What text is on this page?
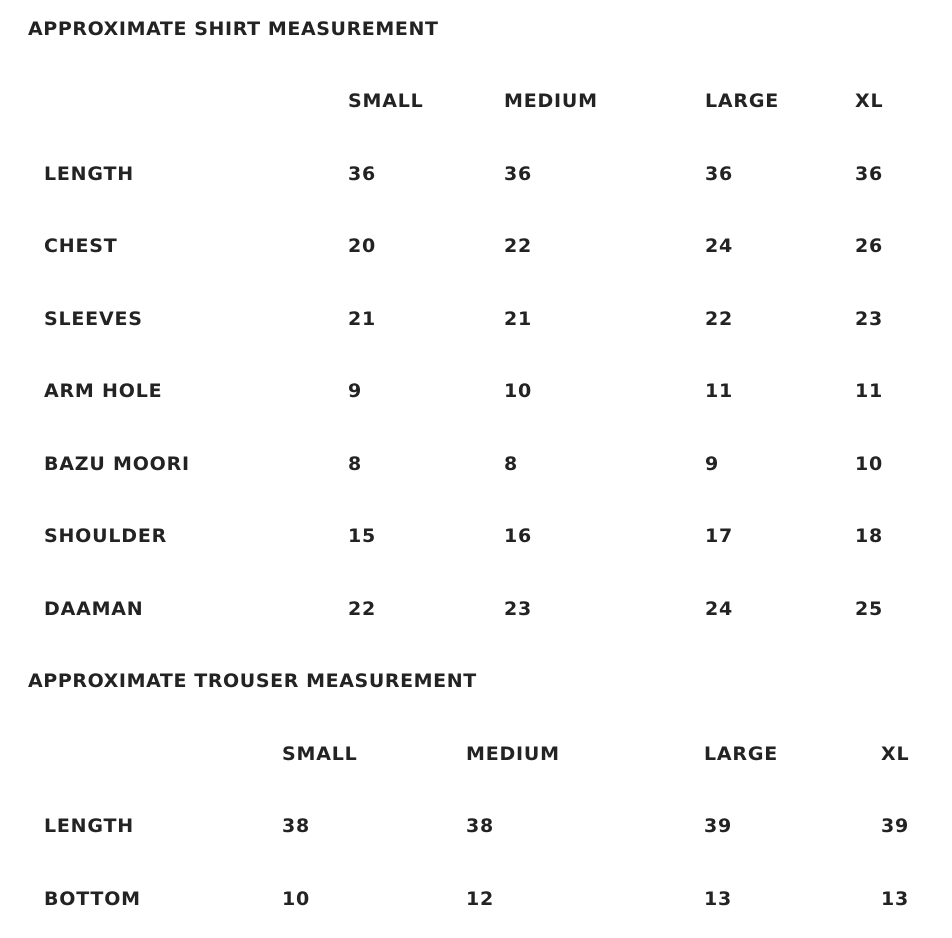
APPROXIMATE SHIRT MEASUREMENT
SMALL	MEDIUM	LARGE	XL
LENGTH	36	36	36	36
CHEST	20	22	24	26
SLEEVES	21	21	22	23
ARM HOLE	9	10	11	11
BAZU MOORI	8	8	9	10
SHOULDER	15	16	17	18
DAAMAN	22	23	24	25
APPROXIMATE TROUSER MEASUREMENT
SMALL	MEDIUM	LARGE	XL
LENGTH	38	38	39	39
BOTTOM	10	12	13	13
